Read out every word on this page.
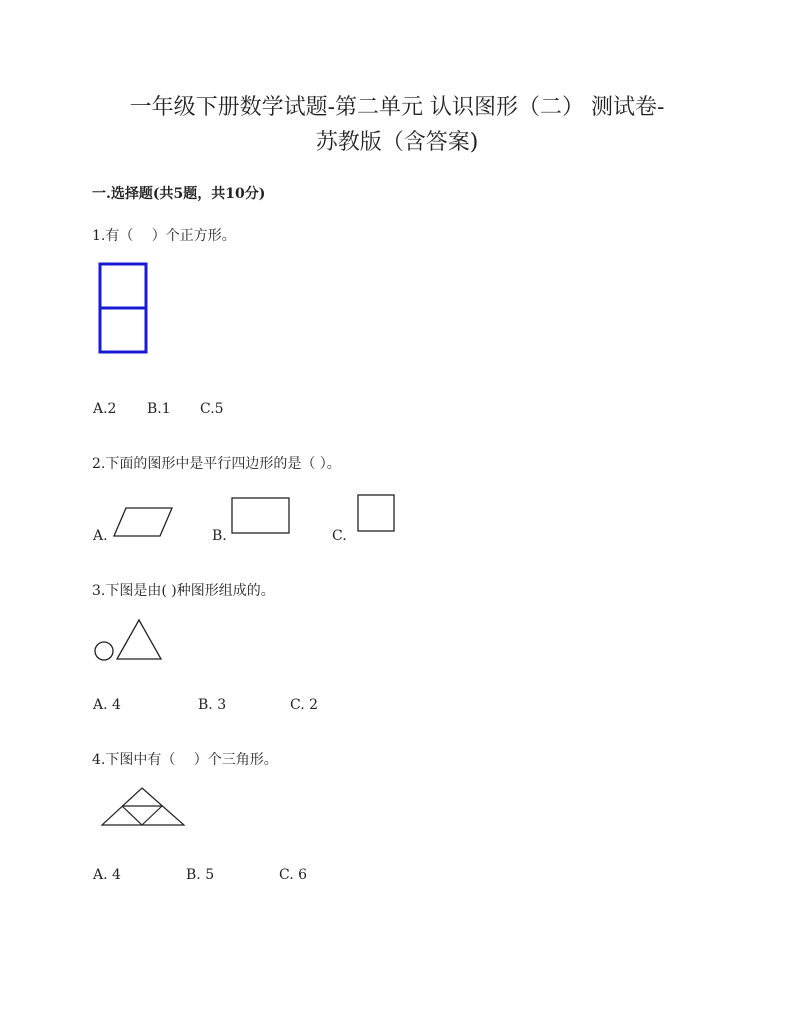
一年级下册数学试题-第二单元 认识图形（二） 测试卷-
苏教版（含答案)
一.选择题(共5题，共10分)
1.有（　 ）个正方形。
A.2 B.1 C.5
2.下面的图形中是平行四边形的是（ ）。
A.	B.	C.
3.下图是由( )种图形组成的。
A. 4	B. 3	C. 2
4.下图中有（　 ）个三角形。
A. 4	B. 5	C. 6
